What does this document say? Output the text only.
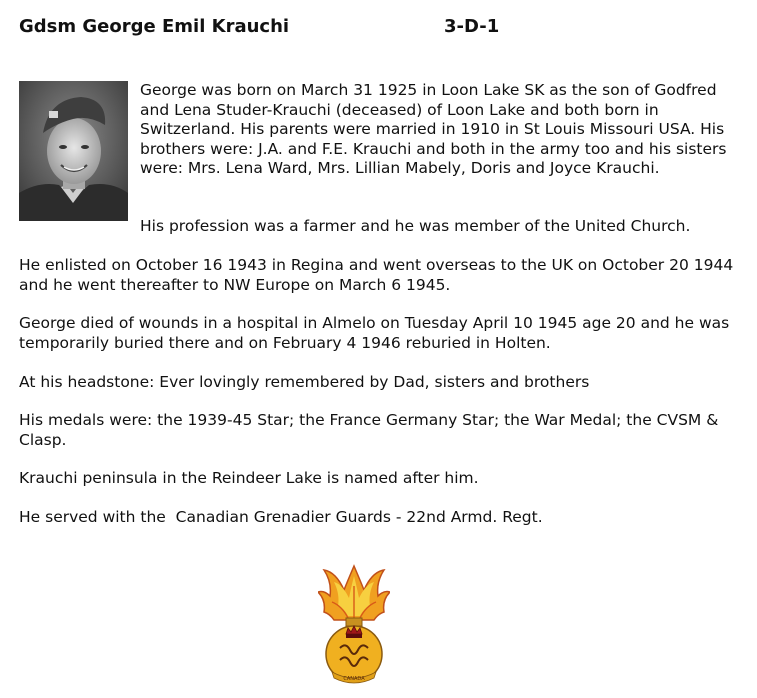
Gdsm George Emil Krauchi	3-D-1

George was born on March 31 1925 in Loon Lake SK as the son of Godfred and Lena Studer-Krauchi (deceased) of Loon Lake and both born in Switzerland. His parents were married in 1910 in St Louis Missouri USA. His brothers were: J.A. and F.E. Krauchi and both in the army too and his sisters were: Mrs. Lena Ward, Mrs. Lillian Mabely, Doris and Joyce Krauchi.

His profession was a farmer and he was member of the United Church.

He enlisted on October 16 1943 in Regina and went overseas to the UK on October 20 1944 and he went thereafter to NW Europe on March 6 1945.

George died of wounds in a hospital in Almelo on Tuesday April 10 1945 age 20 and he was temporarily buried there and on February 4 1946 reburied in Holten.

At his headstone: Ever lovingly remembered by Dad, sisters and brothers

His medals were: the 1939-45 Star; the France Germany Star; the War Medal; the CVSM & Clasp.

Krauchi peninsula in the Reindeer Lake is named after him.

He served with the  Canadian Grenadier Guards - 22nd Armd. Regt.

CANADA
